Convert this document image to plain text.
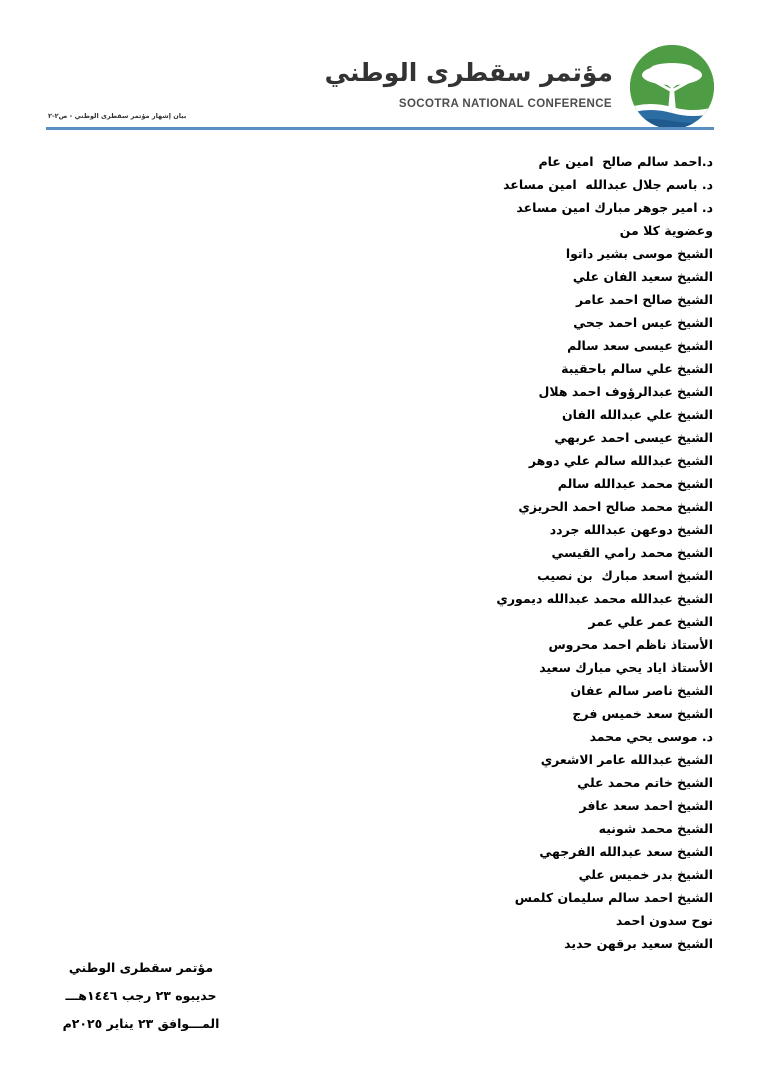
مؤتمر سقطرى الوطني
SOCOTRA NATIONAL CONFERENCE
بيان إشهار مؤتمر سقطرى الوطني - ص٢-٢
د.احمد سالم صالح  امين عام
د. باسم جلال عبدالله  امين مساعد
د. امير جوهر مبارك امين مساعد
وعضوية كلا من
الشيخ موسى بشير داتوا
الشيخ سعيد الفان علي
الشيخ صالح احمد عامر
الشيخ عيس احمد جحي
الشيخ عيسى سعد سالم
الشيخ علي سالم باحقيبة
الشيخ عبدالرؤوف احمد هلال
الشيخ علي عبدالله الفان
الشيخ عيسى احمد عربهي
الشيخ عبدالله سالم علي دوهر
الشيخ محمد عبدالله سالم
الشيخ محمد صالح احمد الحريزي
الشيخ دوعهن عبدالله جردد
الشيخ محمد رامي القيسي
الشيخ اسعد مبارك  بن نصيب
الشيخ عبدالله محمد عبدالله ديموري
الشيخ عمر علي عمر
الأستاذ ناظم احمد محروس
الأستاذ اياد يحي مبارك سعيد
الشيخ ناصر سالم عفان
الشيخ سعد خميس فرج
د. موسى يحي محمد
الشيخ عبدالله عامر الاشعري
الشيخ خاتم محمد علي
الشيخ احمد سعد عافر
الشيخ محمد شونيه
الشيخ سعد عبدالله الفرجهي
الشيخ بدر خميس علي
الشيخ احمد سالم سليمان كلمس
نوح سدون احمد
الشيخ سعيد برقهن حديد
مؤتمر سقطرى الوطني
حديبوه ٢٣ رجب ١٤٤٦هـــ
المـــوافق ٢٣ يناير ٢٠٢٥م
